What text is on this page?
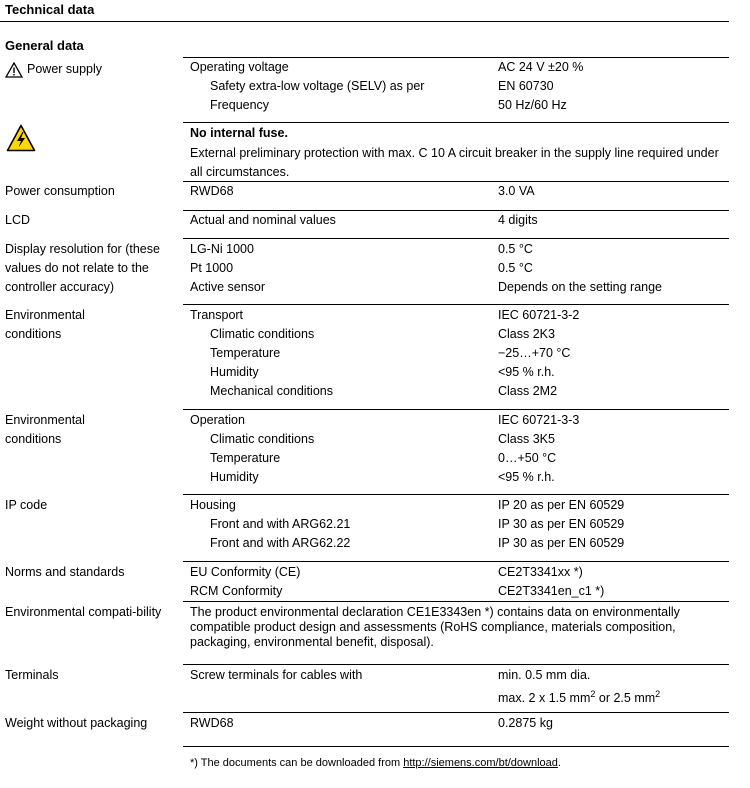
Technical data
General data
Power supply	Operating voltage	AC 24 V ±20 %
Safety extra-low voltage (SELV) as per	EN 60730
Frequency	50 Hz/60 Hz
No internal fuse.
External preliminary protection with max. C 10 A circuit breaker in the supply line required under all circumstances.
Power consumption	RWD68	3.0 VA
LCD	Actual and nominal values	4 digits
Display resolution for (these values do not relate to the controller accuracy)
LG-Ni 1000	0.5 °C
Pt 1000	0.5 °C
Active sensor	Depends on the setting range
Environmental conditions
Transport	IEC 60721-3-2
Climatic conditions	Class 2K3
Temperature	−25…+70 °C
Humidity	<95 % r.h.
Mechanical conditions	Class 2M2
Environmental conditions
Operation	IEC 60721-3-3
Climatic conditions	Class 3K5
Temperature	0…+50 °C
Humidity	<95 % r.h.
IP code	Housing	IP 20 as per EN 60529
Front and with ARG62.21	IP 30 as per EN 60529
Front and with ARG62.22	IP 30 as per EN 60529
Norms and standards	EU Conformity (CE)	CE2T3341xx *)
RCM Conformity	CE2T3341en_c1 *)
Environmental compati-bility	The product environmental declaration CE1E3343en *) contains data on environmentally compatible product design and assessments (RoHS compliance, materials composition, packaging, environmental benefit, disposal).
Terminals	Screw terminals for cables with	min. 0.5 mm dia.
max. 2 x 1.5 $mm^2$ or 2.5 $mm^2$
Weight without packaging	RWD68	0.2875 kg
*) The documents can be downloaded from http://siemens.com/bt/download.
